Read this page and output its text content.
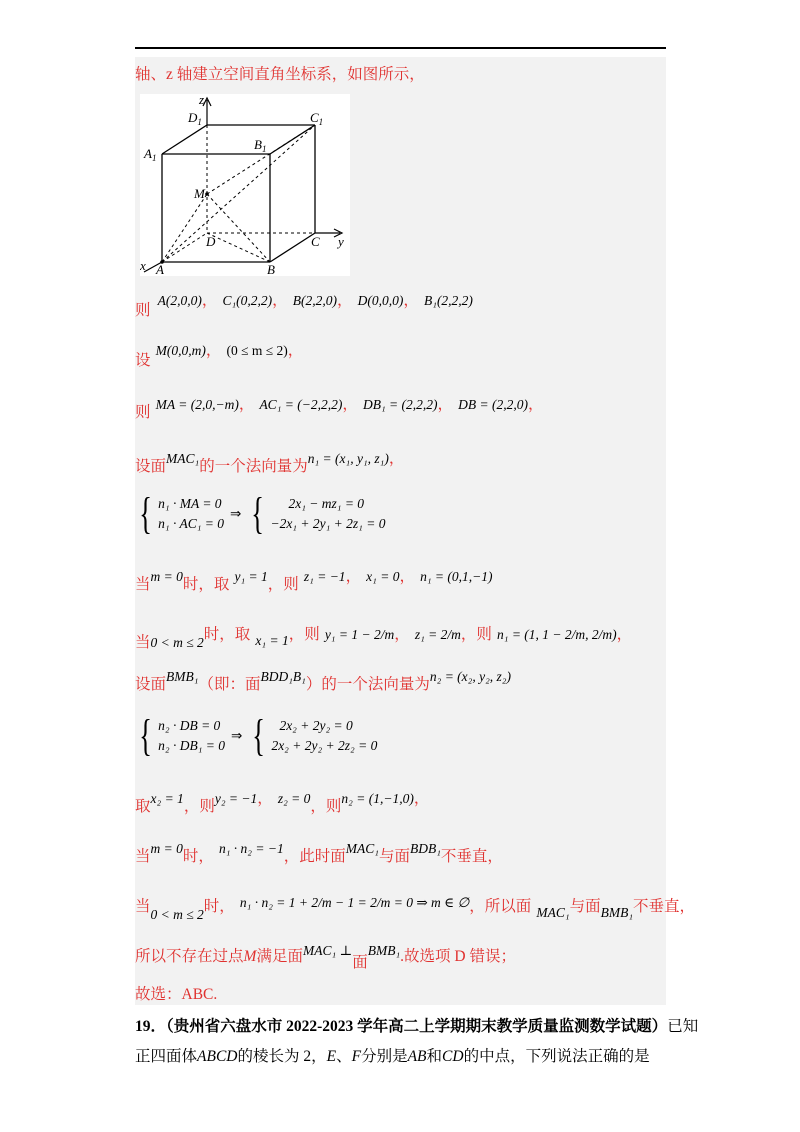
轴、z 轴建立空间直角坐标系，如图所示，
z
$D_1$	$C_1$
$A_1$
$B_1$
M
D	C y
x A	B
则 A(2,0,0)， C₁(0,2,2)， B(2,2,0)， D(0,0,0)， B₁(2,2,2)
设 M(0,0,m)， (0 ≤ m ≤ 2)，
则 MA = (2,0,−m)， AC₁ = (−2,2,2)， DB₁ = (2,2,2)， DB = (2,2,0)，
设面MAC₁的一个法向量为n₁ = (x₁, y₁, z₁)，
{ n₁ · MA = 0
n₁ · AC₁ = 0
⇒ {	2x₁ − mz₁ = 0
−2x₁ + 2y₁ + 2z₁ = 0
当m = 0时，取 y₁ = 1，则 z₁ = −1， x₁ = 0， n₁ = (0,1,−1)
当0 < m ≤ 2时，取 x₁ = 1，则 y₁ = 1 − 2/m， z₁ = 2/m，则 n₁ = (1, 1 − 2/m, 2/m)，
设面BMB₁（即：面BDD₁B₁）的一个法向量为n₂ = (x₂, y₂, z₂)
{ n₂ · DB = 0
n₂ · DB₁ = 0
⇒ {	2x₂ + 2y₂ = 0
2x₂ + 2y₂ + 2z₂ = 0
取x₂ = 1，则y₂ = −1， z₂ = 0，则n₂ = (1,−1,0)，
当m = 0时， n₁ · n₂ = −1，此时面MAC₁与面BDB₁不垂直，
当0 < m ≤ 2时， n₁ · n₂ = 1 + 2/m − 1 = 2/m = 0 ⇒ m ∈ ∅，所以面 MAC₁与面BMB₁不垂直，
所以不存在过点M满足面MAC₁ ⊥面BMB₁.故选项 D 错误；
故选：ABC.
19．（贵州省六盘水市 2022-2023 学年高二上学期期末教学质量监测数学试题）已知
正四面体ABCD的棱长为 2，E、F分别是AB和CD的中点，下列说法正确的是
